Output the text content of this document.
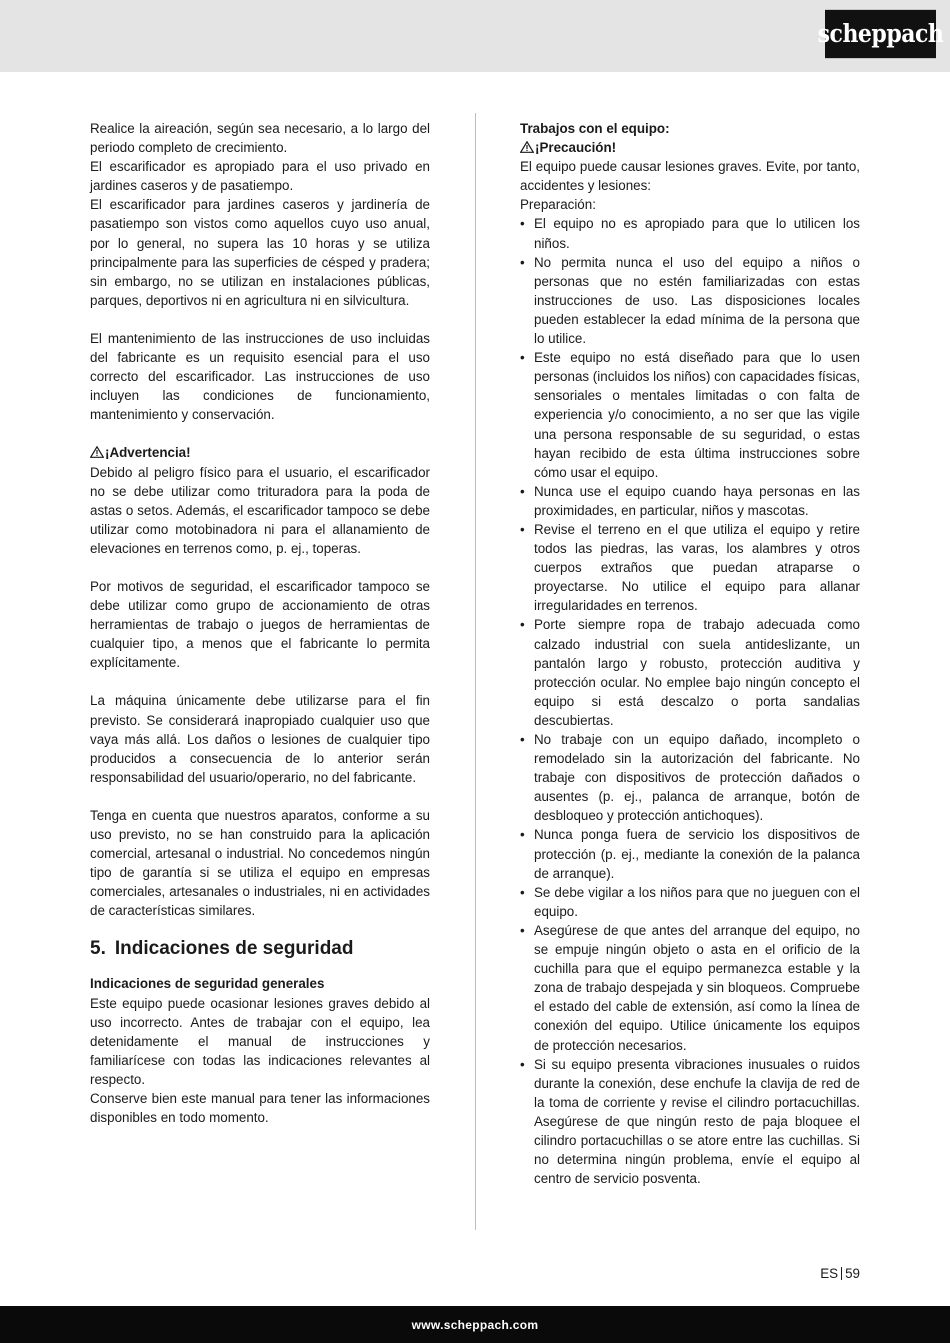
scheppach

Realice la aireación, según sea necesario, a lo largo del periodo completo de crecimiento.

El escarificador es apropiado para el uso privado en jardines caseros y de pasatiempo.

El escarificador para jardines caseros y jardinería de pasatiempo son vistos como aquellos cuyo uso anual, por lo general, no supera las 10 horas y se utiliza principalmente para las superficies de césped y pradera; sin embargo, no se utilizan en instalaciones públicas, parques, deportivos ni en agricultura ni en silvicultura.

El mantenimiento de las instrucciones de uso incluidas del fabricante es un requisito esencial para el uso correcto del escarificador. Las instrucciones de uso incluyen las condiciones de funcionamiento, mantenimiento y conservación.

¡Advertencia!

Debido al peligro físico para el usuario, el escarificador no se debe utilizar como trituradora para la poda de astas o setos. Además, el escarificador tampoco se debe utilizar como motobinadora ni para el allanamiento de elevaciones en terrenos como, p. ej., toperas.

Por motivos de seguridad, el escarificador tampoco se debe utilizar como grupo de accionamiento de otras herramientas de trabajo o juegos de herramientas de cualquier tipo, a menos que el fabricante lo permita explícitamente.

La máquina únicamente debe utilizarse para el fin previsto. Se considerará inapropiado cualquier uso que vaya más allá. Los daños o lesiones de cualquier tipo producidos a consecuencia de lo anterior serán responsabilidad del usuario/operario, no del fabricante.

Tenga en cuenta que nuestros aparatos, conforme a su uso previsto, no se han construido para la aplicación comercial, artesanal o industrial. No concedemos ningún tipo de garantía si se utiliza el equipo en empresas comerciales, artesanales o industriales, ni en actividades de características similares.

5. Indicaciones de seguridad

Indicaciones de seguridad generales

Este equipo puede ocasionar lesiones graves debido al uso incorrecto. Antes de trabajar con el equipo, lea detenidamente el manual de instrucciones y familiarícese con todas las indicaciones relevantes al respecto.

Conserve bien este manual para tener las informaciones disponibles en todo momento.

Trabajos con el equipo:

¡Precaución!

El equipo puede causar lesiones graves. Evite, por tanto, accidentes y lesiones:

Preparación:

• El equipo no es apropiado para que lo utilicen los niños.
• No permita nunca el uso del equipo a niños o personas que no estén familiarizadas con estas instrucciones de uso. Las disposiciones locales pueden establecer la edad mínima de la persona que lo utilice.
• Este equipo no está diseñado para que lo usen personas (incluidos los niños) con capacidades físicas, sensoriales o mentales limitadas o con falta de experiencia y/o conocimiento, a no ser que las vigile una persona responsable de su seguridad, o estas hayan recibido de esta última instrucciones sobre cómo usar el equipo.
• Nunca use el equipo cuando haya personas en las proximidades, en particular, niños y mascotas.
• Revise el terreno en el que utiliza el equipo y retire todos las piedras, las varas, los alambres y otros cuerpos extraños que puedan atraparse o proyectarse. No utilice el equipo para allanar irregularidades en terrenos.
• Porte siempre ropa de trabajo adecuada como calzado industrial con suela antideslizante, un pantalón largo y robusto, protección auditiva y protección ocular. No emplee bajo ningún concepto el equipo si está descalzo o porta sandalias descubiertas.
• No trabaje con un equipo dañado, incompleto o remodelado sin la autorización del fabricante. No trabaje con dispositivos de protección dañados o ausentes (p. ej., palanca de arranque, botón de desbloqueo y protección antichoques).
• Nunca ponga fuera de servicio los dispositivos de protección (p. ej., mediante la conexión de la palanca de arranque).
• Se debe vigilar a los niños para que no jueguen con el equipo.
• Asegúrese de que antes del arranque del equipo, no se empuje ningún objeto o asta en el orificio de la cuchilla para que el equipo permanezca estable y la zona de trabajo despejada y sin bloqueos. Compruebe el estado del cable de extensión, así como la línea de conexión del equipo. Utilice únicamente los equipos de protección necesarios.
• Si su equipo presenta vibraciones inusuales o ruidos durante la conexión, dese enchufe la clavija de red de la toma de corriente y revise el cilindro portacuchillas. Asegúrese de que ningún resto de paja bloquee el cilindro portacuchillas o se atore entre las cuchillas. Si no determina ningún problema, envíe el equipo al centro de servicio posventa.
ES 59
www.scheppach.com
